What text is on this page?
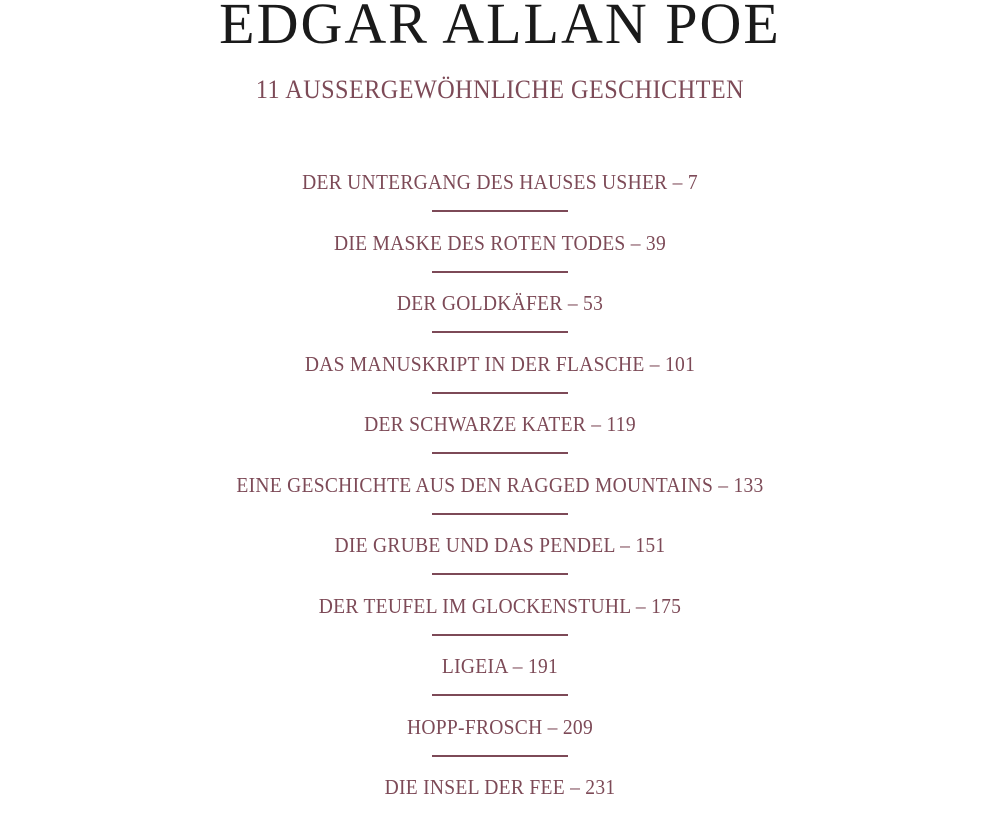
EDGAR ALLAN POE
11 AUSSERGEWÖHNLICHE GESCHICHTEN
DER UNTERGANG DES HAUSES USHER – 7
DIE MASKE DES ROTEN TODES – 39
DER GOLDKÄFER – 53
DAS MANUSKRIPT IN DER FLASCHE – 101
DER SCHWARZE KATER – 119
EINE GESCHICHTE AUS DEN RAGGED MOUNTAINS – 133
DIE GRUBE UND DAS PENDEL – 151
DER TEUFEL IM GLOCKENSTUHL – 175
LIGEIA – 191
HOPP-FROSCH – 209
DIE INSEL DER FEE – 231
